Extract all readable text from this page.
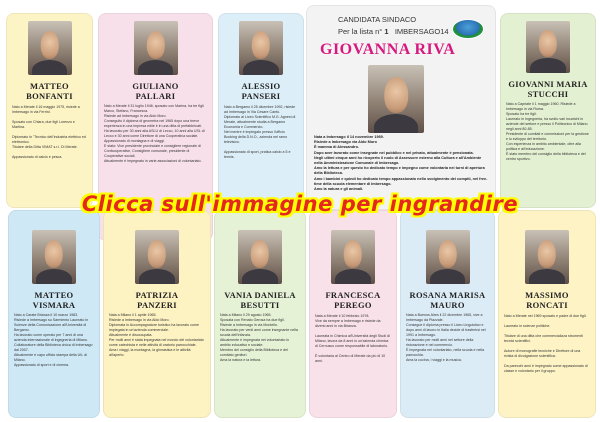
MATTEO
BONFANTI
Nato a Merate il 16 maggio 1975, risiede a Imbersago in via Ferrini.

Sposato con Chiara, due figli Lorenzo e Martina.

Diplomato in "Tecnico dell'industria elettrico ed elettronico.
Titolare della Ditta VIMAT s.r.l. Di Merate.

Appassionato di calcio e pesca.
GIULIANO
PALLARI
Nato a Merate il 31 luglio 1946, sposato con Marina, ha tre figli Marco, Stefano, Francesca.
Risiede ad Imbersago in via Aldo Moro.
Conseguito il diploma di geometra nel 1965 dopo una breve esperienza in una impresa edile è in una ditta di prefabbricati. Ha lavorato per 30 anni alla ASLU di Lecco, 10 anni alla USL di Lecco e 30 anni come Direttore di una Cooperativa sociale.
Appassionato di montagna e di viaggi.
E stato: Vice presidente provinciale e consigliere regionale di Confcooperative, Consigliere comunale, presidente di Cooperative sociali.
Attualmente è impegnato in varie associazioni di volontariato.
ALESSIO
PANSERI
Nato a Bergamo il 25 dicembre 1992, risiede ad Imbersago in Via Cesare Cantù.
Diplomato al Liceo Scientifico M.G. Agnesi di Merate, attualmente studia a Bergamo Economia e Commercio.
Nel mentre è impiegato presso l'ufficio Booking della D.N.O., azienda nel ramo televisivo.

Appassionato di sport, pratica calcio a 5 e tennis.
CANDIDATA SINDACO
Per la lista n° 1 IMBERSAGO14
GIOVANNA RIVA
Nata a Imbersago il 14 novembre 1969.
Risiede a Imbersago via Aldo Moro
È mamma di Alessandro.
Dopo aver lavorato come insegnate nel pubblico e nel privato, attualmente è pensionata.
Negli ultimi cinque anni ho ricoperto il ruolo di Assessore esterno alla Cultura e all'Ambiente nella Amministrazione Comunale di Imbersago.
Amo la lettura e per questo ho dedicato tempo e impegno come volontaria nei turni di apertura della Biblioteca.
Amo i bambini e quindi ho dedicato tempo appassionato nello svolgimento dei compiti, nel free-time della scuola elementare di Imbersago.
Amo la natura e gli animali.
GIOVANNI MARIA
STUCCHI
Nato a Capriate il 1 maggio 1960. Risiede a Imbersago in via Roma.
Sposato ha tre figli.
Laureato in Ingegneria, ha svolto vari incarichi in aziende del settore e presso il Politecnico di Milano negli anni 80-85.
Presidente di comitati e commissioni per la gestione e lo sviluppo del territorio.
Con esperienza in ambito ambientale, oltre alla politica e all'educazione.
È stato membro del consiglio della biblioteca e del centro sportivo.
Clicca sull'immagine per ingrandire
MATTEO
VISMARA
Nato a Carate Brianza il 10 marzo 1983.
Risiede a Imbersago su Sarmiento Laureato in Scienze della Comunicazione all'Università di Bergamo.
Ha lavorato come operaio per 7 anni di una azienda internazionale di ingegneria di Milano.
Collaboratore della Biblioteca civica di Imbersago dal 2007.
Attualmente è capo ufficio stampa della UIL di Milano.
Appassionato di sport e di cinema.
PATRIZIA
PANZERI
Nata a Milano il 1 aprile 1965.
Risiede a Imbersago in via Aldo Moro.
Diplomata in Accompagnatore turistico ha lavorato come impiegata in un'azienda commerciale.
Attualmente è disoccupata.
Per molti anni è stata impegnata nel mondo del volontariato come catechista e nelle attività di oratorio parrocchiale.
Ama i viaggi, la montagna, la ginnastica e le attività all'aperto.
VANIA DANIELA
BESUTTI
Nata a Milano il 29 agosto 1965.
Sposata con Renato Gerosa ha due figli.
Risiede a Imbersago in via Montello.
Ha lavorato per venti anni come insegnante nella scuola dell'infanzia.
Attualmente è impegnata nel volontariato in ambito educativo e sociale.
Membro del consiglio della Biblioteca e del comitato genitori.
Ama la natura e la lettura.
FRANCESCA
PEREGO
Nata a Merate il 10 febbraio 1978.
Vive da sempre a Imbersago e risiede da diversi anni in via Brianza.

Laureata in Chimica all'Università degli Studi di Milano, lavora da 8 anni in un'azienda chimica di Cernusco come responsabile di laboratorio.

È volontaria al Centro di Merate da più di 10 anni.
ROSANA MARISA
MAURO
Nata a Buenos Aires il 22 dicembre 1965, vive a Imbersago da Piazzale.
Consegue il diploma presso il Liceo Linguistico e dopo anni di lavoro in Italia decide di trasferirsi nel 1991 a Imbersago.
Ha lavorato per molti anni nel settore della ristorazione e nel commercio.
È impegnata nel volontariato, nella scuola e nella parrocchia.
Ama la cucina, i viaggi e la musica.
MASSIMO
RONCATI
Nato a Merate nel 1969 sposato e padre di due figli.

Laureato in scienze politiche.

Titolare di una ditta che commercializza strumenti tecnici scientifici.

Autore di monografie tecniche e Direttore di una rivista di divulgazione scientifica.

Da parecchi anni è impegnato come appassionato di classe e volontario per il gruppo.
